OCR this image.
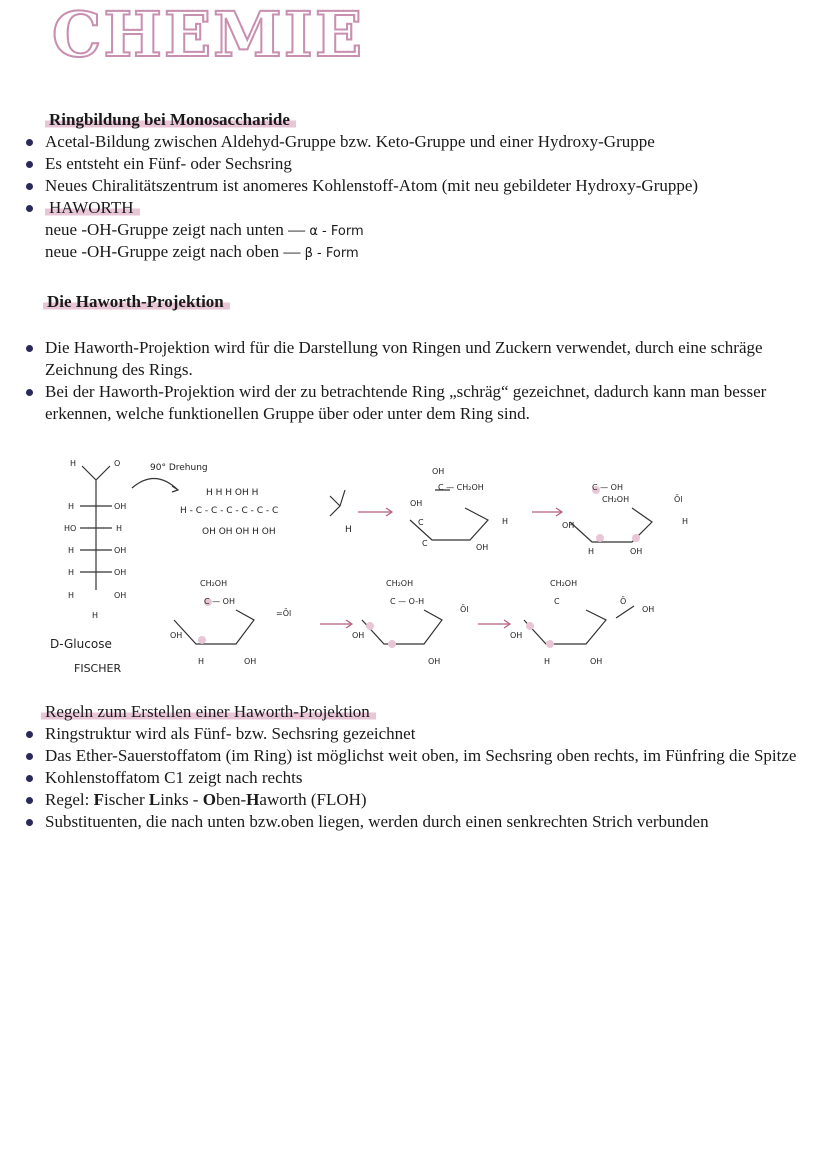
CHEMIE
Ringbildung bei Monosaccharide
Acetal-Bildung zwischen Aldehyd-Gruppe bzw. Keto-Gruppe und einer Hydroxy-Gruppe
Es entsteht ein Fünf- oder Sechsring
Neues Chiralitätszentrum ist anomeres Kohlenstoff-Atom (mit neu gebildeter Hydroxy-Gruppe)
HAWORTH
neue -OH-Gruppe zeigt nach unten — α - Form
neue -OH-Gruppe zeigt nach oben — β - Form
Die Haworth-Projektion
Die Haworth-Projektion wird für die Darstellung von Ringen und Zuckern verwendet, durch eine schräge Zeichnung des Rings.
Bei der Haworth-Projektion wird der zu betrachtende Ring „schräg“ gezeichnet, dadurch kann man besser erkennen, welche funktionellen Gruppe über oder unter dem Ring sind.
H	O
H	OH
HO	H
H	OH
H	OH
H	OH
H
D-Glucose
FISCHER
90° Drehung
H - C - C - C - C - C - C
H H H OH H
OH OH OH H OH	H
OH
C — CH₂OH
OH
C
C	OH
H
C — OH
CH₂OH	Ōl
H
OH
H	OH
CH₂OH
C — OH
=Ōl
OH
H	OH
CH₂OH
C — O-H
Ōl
OH
OH
CH₂OH
C	Ō
OH
OH
H	OH
Regeln zum Erstellen einer Haworth-Projektion
Ringstruktur wird als Fünf- bzw. Sechsring gezeichnet
Das Ether-Sauerstoffatom (im Ring) ist möglichst weit oben, im Sechsring oben rechts, im Fünfring die Spitze
Kohlenstoffatom C1 zeigt nach rechts
Regel: Fischer Links - Oben-Haworth (FLOH)
Substituenten, die nach unten bzw.oben liegen, werden durch einen senkrechten Strich verbunden
